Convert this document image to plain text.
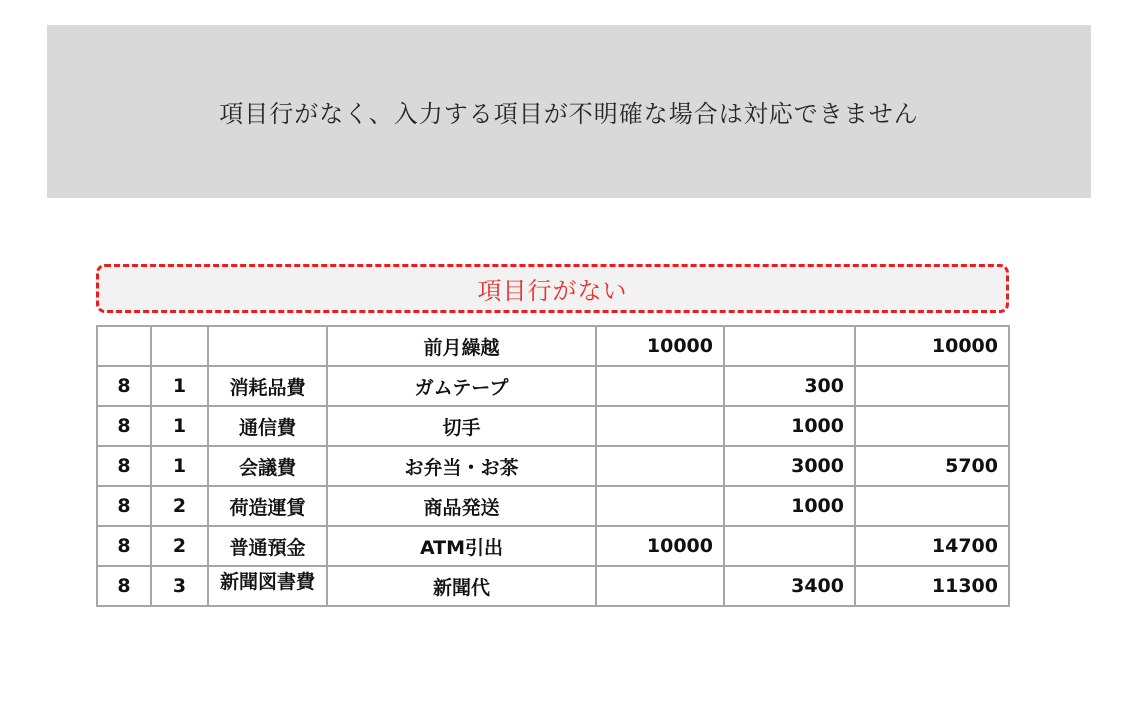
項目行がなく、入力する項目が不明確な場合は対応できません
項目行がない
			前月繰越	10000		10000
8	1	消耗品費	ガムテープ		300	
8	1	通信費	切手		1000	
8	1	会議費	お弁当・お茶		3000	5700
8	2	荷造運賃	商品発送		1000	
8	2	普通預金	ATM引出	10000		14700
8	3	新聞図書費	新聞代		3400	11300
